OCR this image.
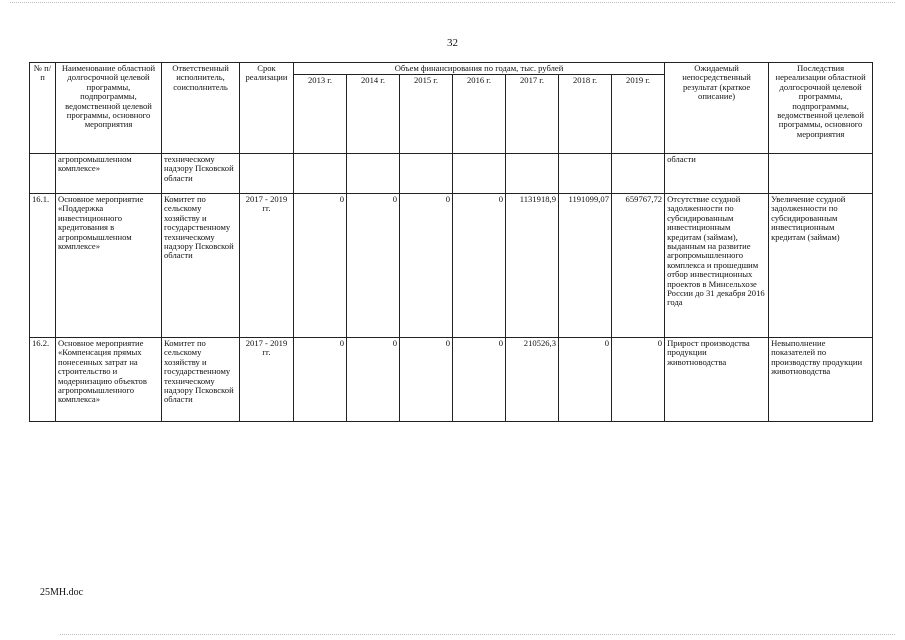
32
№ п/п	Наименование областной долгосрочной целевой программы, подпрограммы, ведомственной целевой программы, основного мероприятия	Ответственный исполнитель, соисполнитель	Срок реализации	Объем финансирования по годам, тыс. рублей							Ожидаемый непосредственный результат (краткое описание)	Последствия нереализации областной долгосрочной целевой программы, подпрограммы, ведомственной целевой программы, основного мероприятия
				2013 г.	2014 г.	2015 г.	2016 г.	2017 г.	2018 г.	2019 г.		
	агропромышленном комплексе»	техническому надзору Псковской области									области	
16.1.	Основное мероприятие «Поддержка инвестиционного кредитования в агропромышленном комплексе»	Комитет по сельскому хозяйству и государственному техническому надзору Псковской области	2017 - 2019 гг.	0	0	0	0	1131918,9	1191099,07	659767,72	Отсутствие ссудной задолженности по субсидированным инвестиционным кредитам (займам), выданным на развитие агропромышленного комплекса и прошедшим отбор инвестиционных проектов в Минсельхозе России до 31 декабря 2016 года	Увеличение ссудной задолженности по субсидированным инвестиционным кредитам (займам)
16.2.	Основное мероприятие «Компенсация прямых понесенных затрат на строительство и модернизацию объектов агропромышленного комплекса»	Комитет по сельскому хозяйству и государственному техническому надзору Псковской области	2017 - 2019 гг.	0	0	0	0	210526,3	0	0	Прирост производства продукции животноводства	Невыполнение показателей по производству продукции животноводства
25MH.doc
